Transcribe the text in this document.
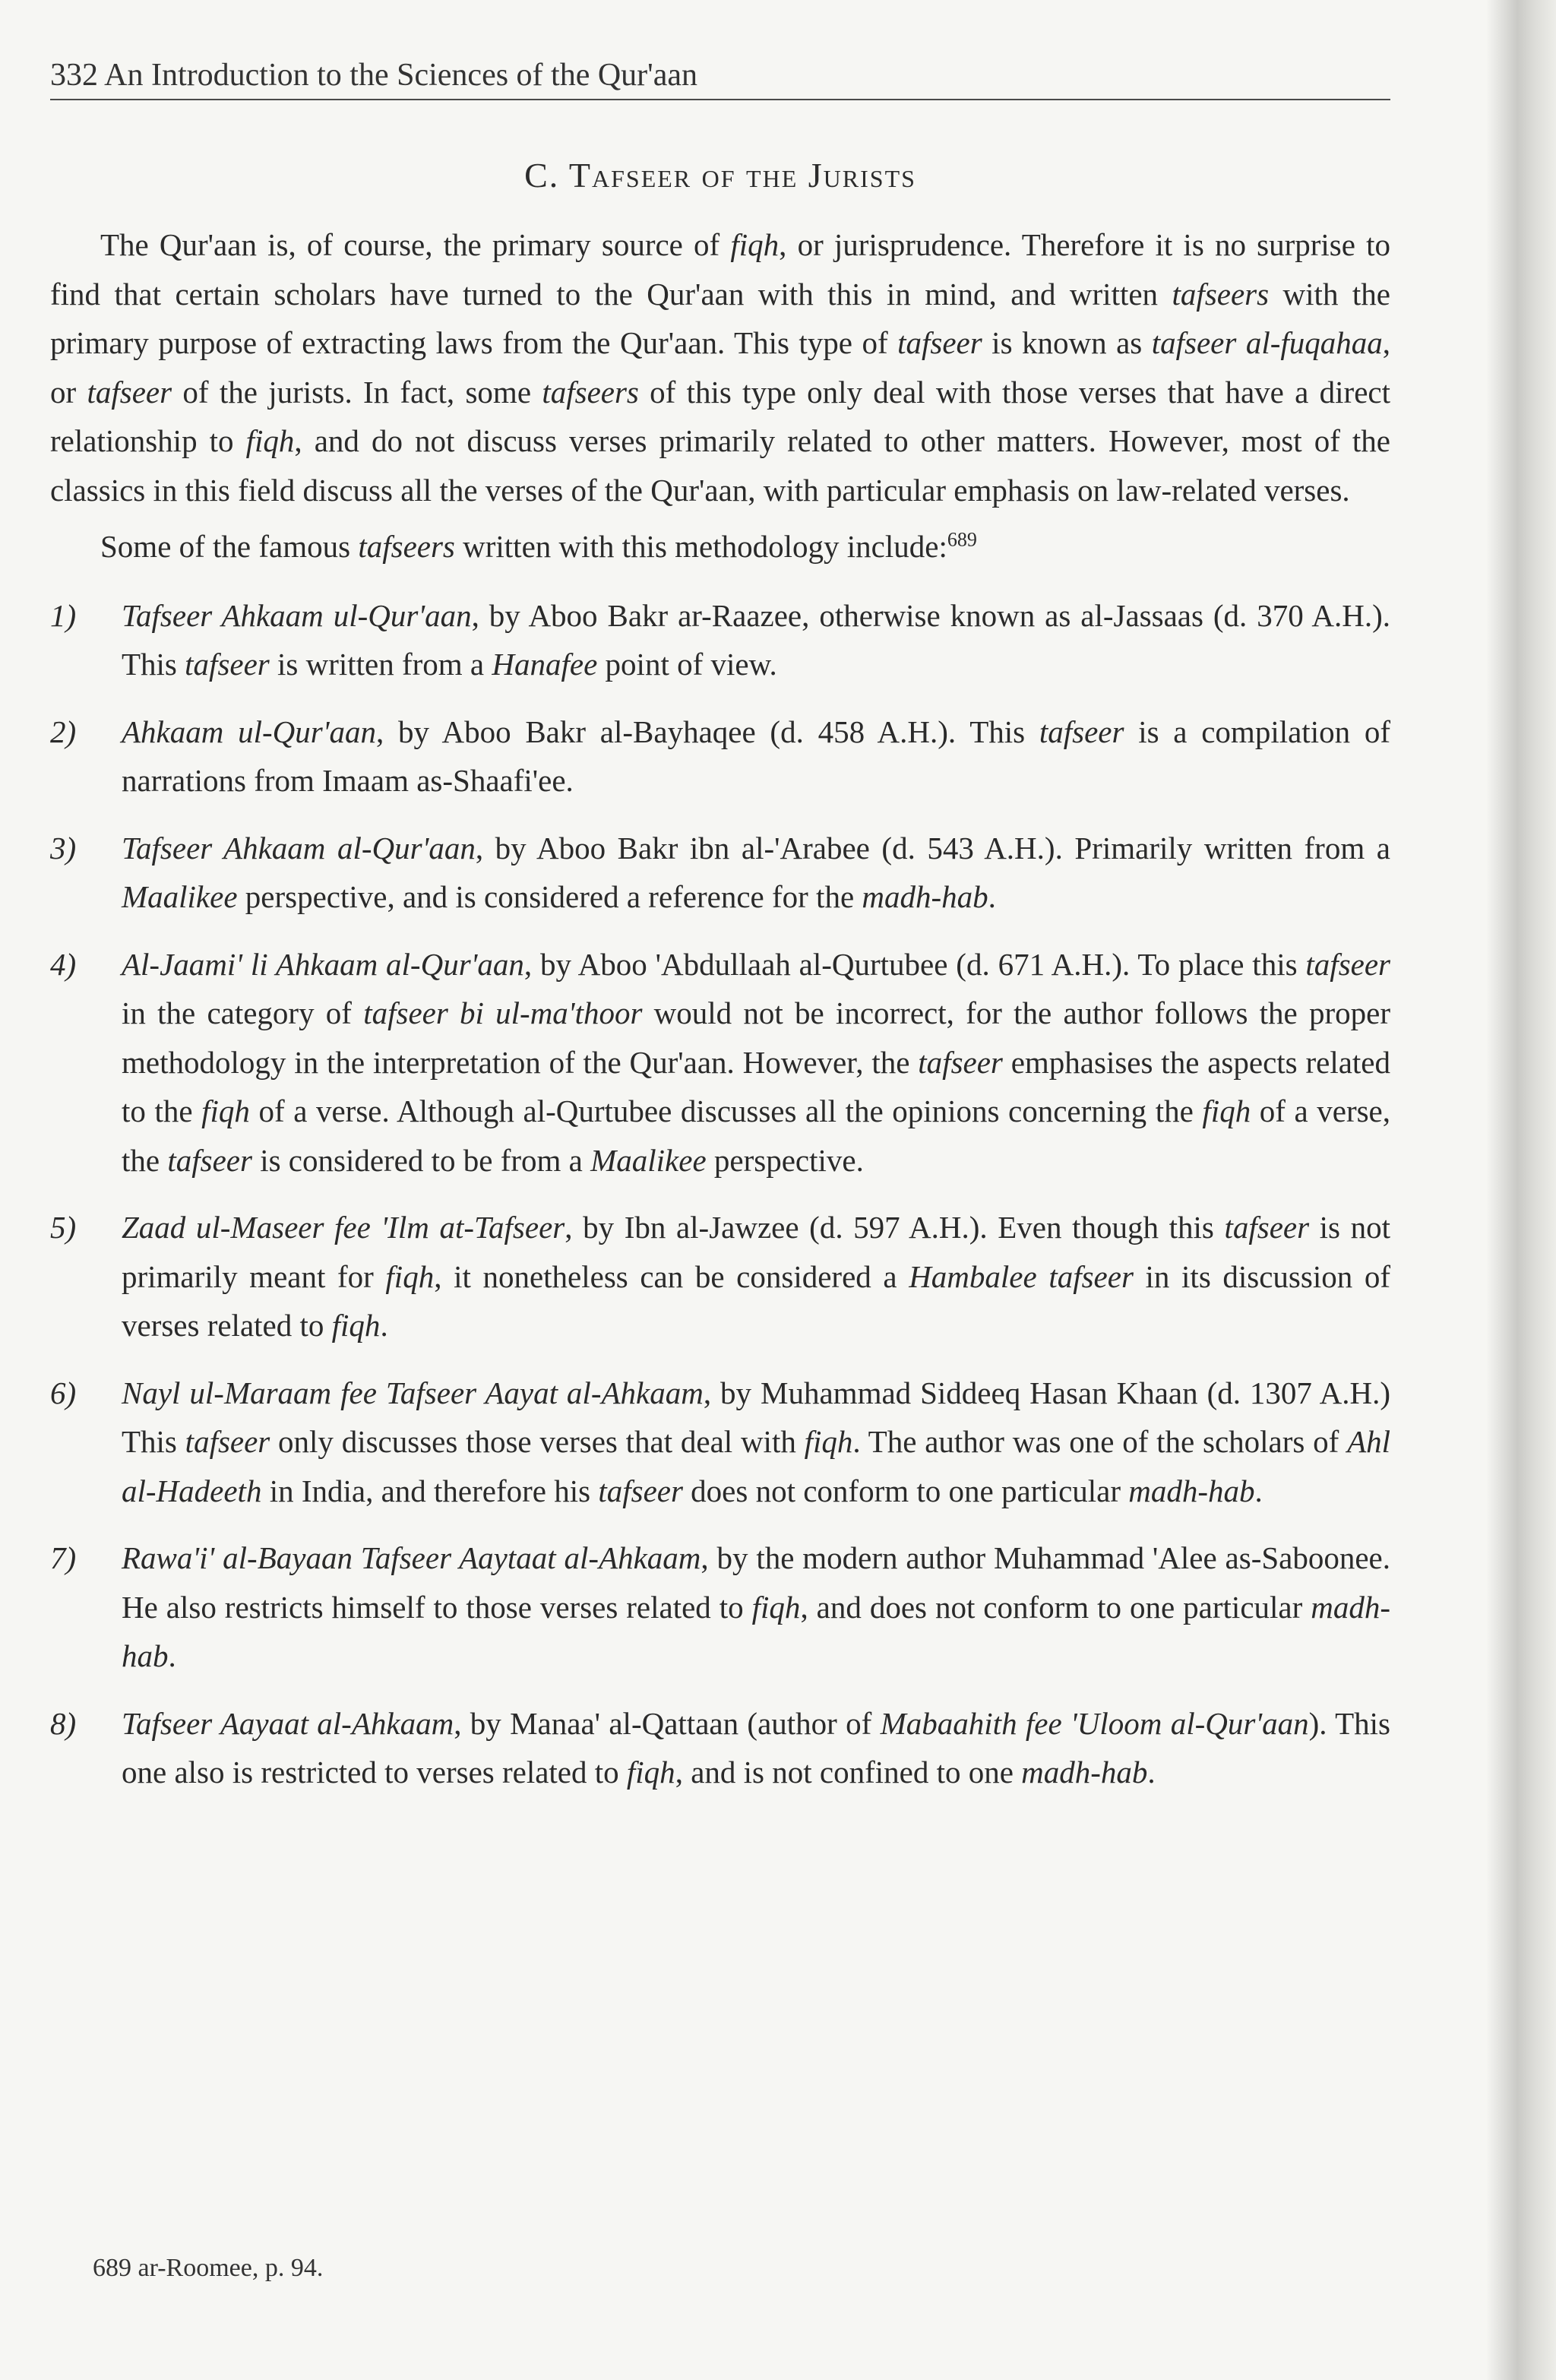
332 An Introduction to the Sciences of the Qur'aan
C. Tafseer of the Jurists

The Qur'aan is, of course, the primary source of fiqh, or jurisprudence. Therefore it is no surprise to find that certain scholars have turned to the Qur'aan with this in mind, and written tafseers with the primary purpose of extracting laws from the Qur'aan. This type of tafseer is known as tafseer al-fuqahaa, or tafseer of the jurists. In fact, some tafseers of this type only deal with those verses that have a direct relationship to fiqh, and do not discuss verses primarily related to other matters. However, most of the classics in this field discuss all the verses of the Qur'aan, with particular emphasis on law-related verses.

Some of the famous tafseers written with this methodology include:$^{689}$

1) Tafseer Ahkaam ul-Qur'aan, by Aboo Bakr ar-Raazee, otherwise known as al-Jassaas (d. 370 A.H.). This tafseer is written from a Hanafee point of view.
2) Ahkaam ul-Qur'aan, by Aboo Bakr al-Bayhaqee (d. 458 A.H.). This tafseer is a compilation of narrations from Imaam as-Shaafi'ee.
3) Tafseer Ahkaam al-Qur'aan, by Aboo Bakr ibn al-'Arabee (d. 543 A.H.). Primarily written from a Maalikee perspective, and is considered a reference for the madh-hab.
4) Al-Jaami' li Ahkaam al-Qur'aan, by Aboo 'Abdullaah al-Qurtubee (d. 671 A.H.). To place this tafseer in the category of tafseer bi ul-ma'thoor would not be incorrect, for the author follows the proper methodology in the interpretation of the Qur'aan. However, the tafseer emphasises the aspects related to the fiqh of a verse. Although al-Qurtubee discusses all the opinions concerning the fiqh of a verse, the tafseer is considered to be from a Maalikee perspective.
5) Zaad ul-Maseer fee 'Ilm at-Tafseer, by Ibn al-Jawzee (d. 597 A.H.). Even though this tafseer is not primarily meant for fiqh, it nonetheless can be considered a Hambalee tafseer in its discussion of verses related to fiqh.
6) Nayl ul-Maraam fee Tafseer Aayat al-Ahkaam, by Muhammad Siddeeq Hasan Khaan (d. 1307 A.H.) This tafseer only discusses those verses that deal with fiqh. The author was one of the scholars of Ahl al-Hadeeth in India, and therefore his tafseer does not conform to one particular madh-hab.
7) Rawa'i' al-Bayaan Tafseer Aaytaat al-Ahkaam, by the modern author Muhammad 'Alee as-Saboonee. He also restricts himself to those verses related to fiqh, and does not conform to one particular madh-hab.
8) Tafseer Aayaat al-Ahkaam, by Manaa' al-Qattaan (author of Mabaahith fee 'Uloom al-Qur'aan). This one also is restricted to verses related to fiqh, and is not confined to one madh-hab.
689 ar-Roomee, p. 94.
